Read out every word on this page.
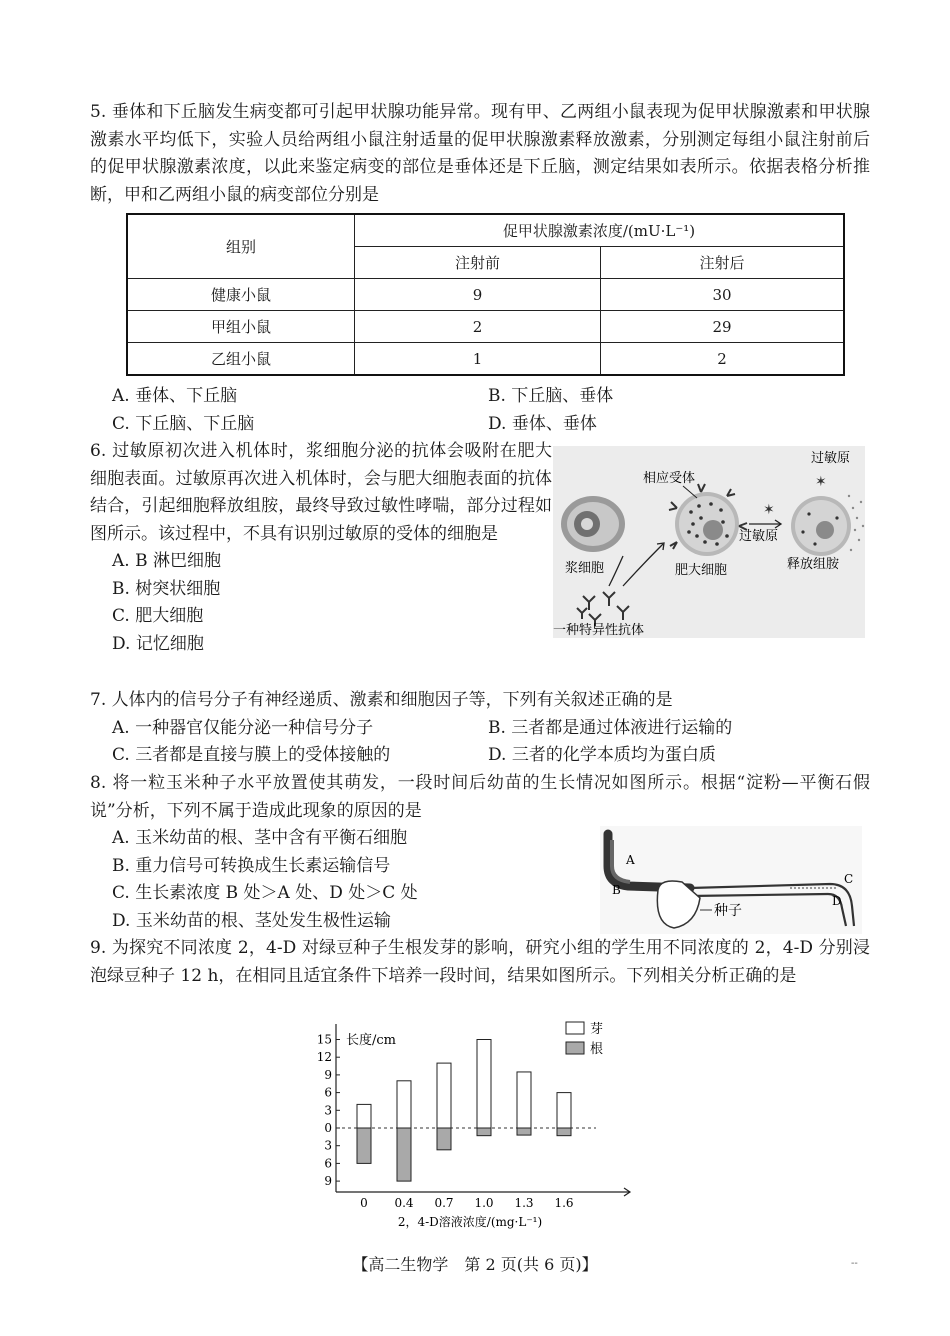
5. 垂体和下丘脑发生病变都可引起甲状腺功能异常。现有甲、乙两组小鼠表现为促甲状腺激素和甲状腺激素水平均低下，实验人员给两组小鼠注射适量的促甲状腺激素释放激素，分别测定每组小鼠注射前后的促甲状腺激素浓度，以此来鉴定病变的部位是垂体还是下丘脑，测定结果如表所示。依据表格分析推断，甲和乙两组小鼠的病变部位分别是

组别	促甲状腺激素浓度/(mU·L⁻¹)	
	注射前	注射后
健康小鼠	9	30
甲组小鼠	2	29
乙组小鼠	1	2
A. 垂体、下丘脑	B. 下丘脑、垂体
C. 下丘脑、下丘脑	D. 垂体、垂体

6. 过敏原初次进入机体时，浆细胞分泌的抗体会吸附在肥大细胞表面。过敏原再次进入机体时，会与肥大细胞表面的抗体结合，引起细胞释放组胺，最终导致过敏性哮喘，部分过程如图所示。该过程中，不具有识别过敏原的受体的细胞是

A. B 淋巴细胞
B. 树突状细胞
C. 肥大细胞
D. 记忆细胞
浆细胞
一种特异性抗体
相应受体
肥大细胞
✶
过敏原
✶
过敏原
释放组胺

7. 人体内的信号分子有神经递质、激素和细胞因子等，下列有关叙述正确的是

A. 一种器官仅能分泌一种信号分子	B. 三者都是通过体液进行运输的
C. 三者都是直接与膜上的受体接触的	D. 三者的化学本质均为蛋白质

8. 将一粒玉米种子水平放置使其萌发，一段时间后幼苗的生长情况如图所示。根据“淀粉—平衡石假说”分析，下列不属于造成此现象的原因的是

A. 玉米幼苗的根、茎中含有平衡石细胞
B. 重力信号可转换成生长素运输信号
C. 生长素浓度 B 处＞A 处、D 处＞C 处
D. 玉米幼苗的根、茎处发生极性运输	种子
A
B
C
D

9. 为探究不同浓度 2，4-D 对绿豆种子生根发芽的影响，研究小组的学生用不同浓度的 2，4-D 分别浸泡绿豆种子 12 h，在相同且适宜条件下培养一段时间，结果如图所示。下列相关分析正确的是

15
12
9
6
3
0
3
6
9
长度/cm
0 0.4 0.7 1.0 1.3 1.6
2，4-D溶液浓度/(mg·L⁻¹)
芽
根
【高二生物学　第 2 页(共 6 页)】	--
